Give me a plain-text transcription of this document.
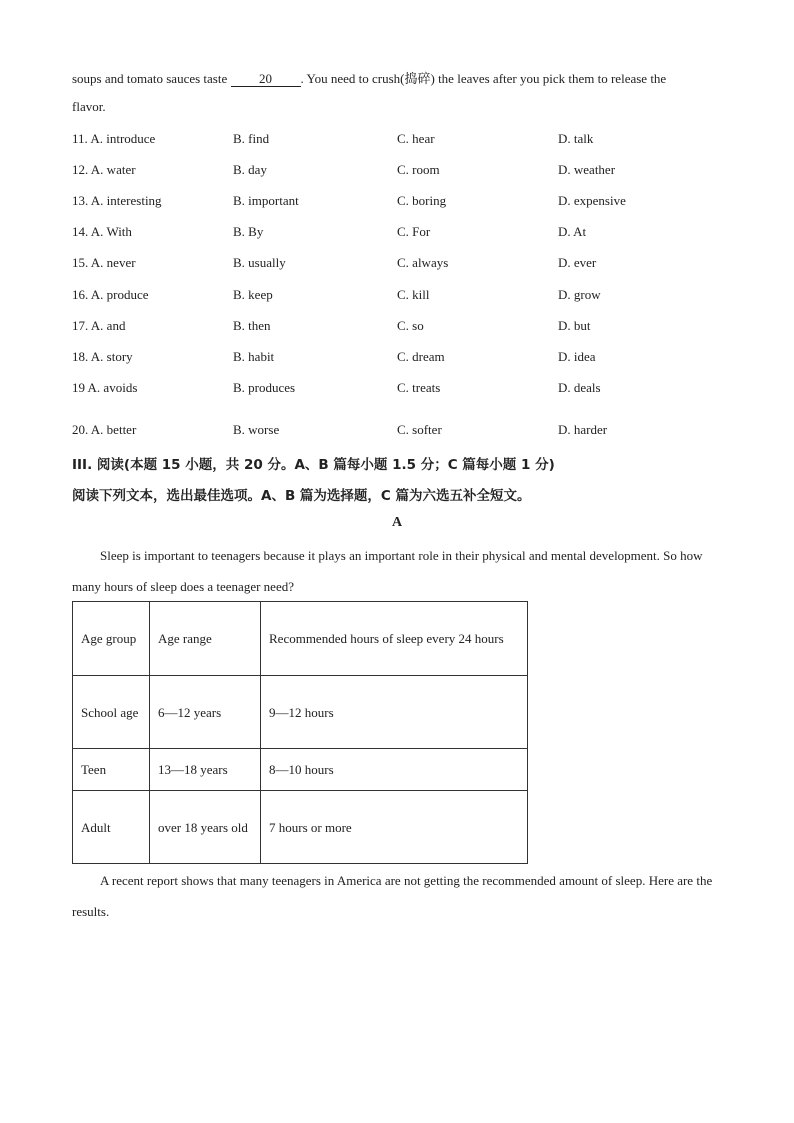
soups and tomato sauces taste 20 . You need to crush(捣碎) the leaves after you pick them to release the
flavor.
11. A. introduce	B. find	C. hear	D. talk
12. A. water	B. day	C. room	D. weather
13. A. interesting	B. important	C. boring	D. expensive
14. A. With	B. By	C. For	D. At
15. A. never	B. usually	C. always	D. ever
16. A. produce	B. keep	C. kill	D. grow
17. A. and	B. then	C. so	D. but
18. A. story	B. habit	C. dream	D. idea
19 A. avoids	B. produces	C. treats	D. deals
20. A. better	B. worse	C. softer	D. harder
III. 阅读(本题 15 小题，共 20 分。A、B 篇每小题 1.5 分；C 篇每小题 1 分)
阅读下列文本，选出最佳选项。A、B 篇为选择题，C 篇为六选五补全短文。
A
Sleep is important to teenagers because it plays an important role in their physical and mental development. So how many hours of sleep does a teenager need?
Age group	Age range	Recommended hours of sleep every 24 hours
School age	6—12 years	9—12 hours
Teen	13—18 years	8—10 hours
Adult	over 18 years old	7 hours or more
A recent report shows that many teenagers in America are not getting the recommended amount of sleep. Here are the results.
